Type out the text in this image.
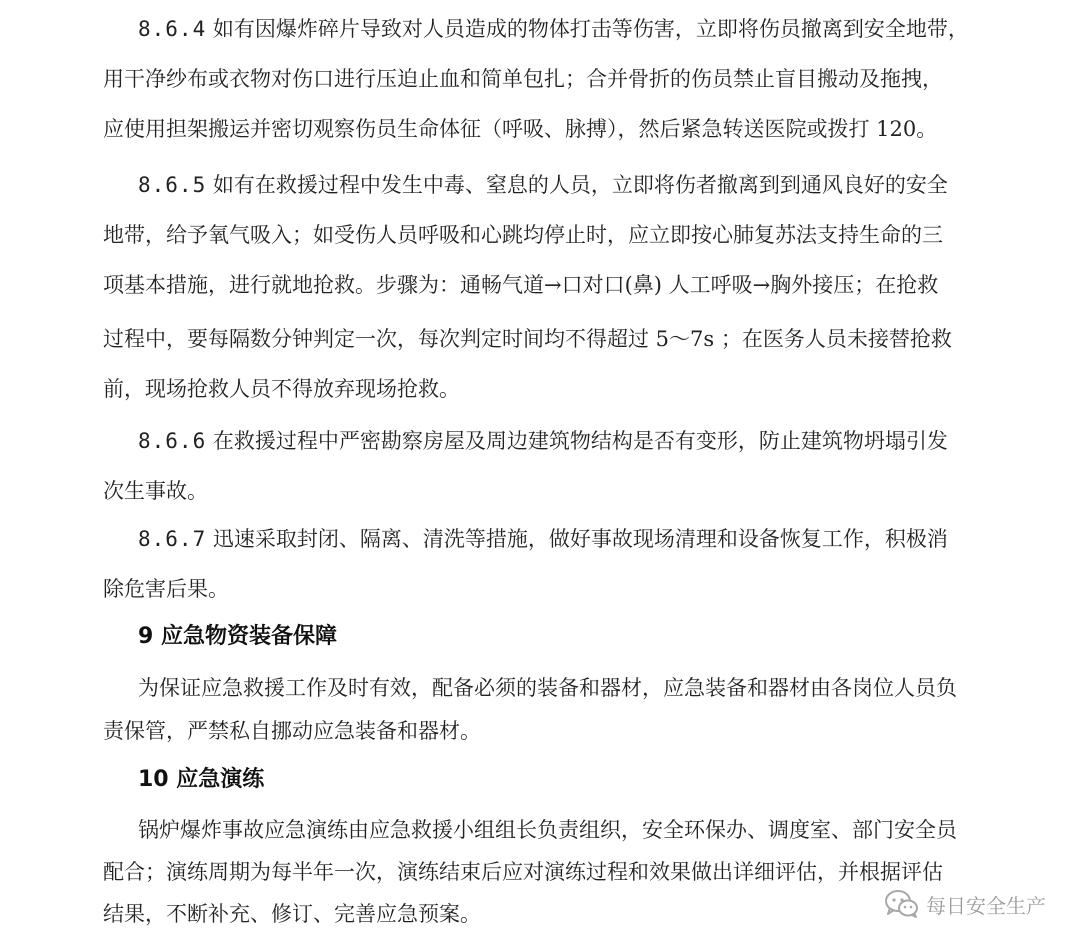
8.6.4 如有因爆炸碎片导致对人员造成的物体打击等伤害，立即将伤员撤离到安全地带，
用干净纱布或衣物对伤口进行压迫止血和简单包扎；合并骨折的伤员禁止盲目搬动及拖拽，
应使用担架搬运并密切观察伤员生命体征（呼吸、脉搏），然后紧急转送医院或拨打 120。
8.6.5 如有在救援过程中发生中毒、窒息的人员，立即将伤者撤离到到通风良好的安全
地带，给予氧气吸入；如受伤人员呼吸和心跳均停止时，应立即按心肺复苏法支持生命的三
项基本措施，进行就地抢救。步骤为：通畅气道→口对口(鼻) 人工呼吸→胸外接压；在抢救
过程中，要每隔数分钟判定一次，每次判定时间均不得超过 5～7s ；在医务人员未接替抢救
前，现场抢救人员不得放弃现场抢救。
8.6.6 在救援过程中严密勘察房屋及周边建筑物结构是否有变形，防止建筑物坍塌引发
次生事故。
8.6.7 迅速采取封闭、隔离、清洗等措施，做好事故现场清理和设备恢复工作，积极消
除危害后果。
9 应急物资装备保障
为保证应急救援工作及时有效，配备必须的装备和器材，应急装备和器材由各岗位人员负
责保管，严禁私自挪动应急装备和器材。
10 应急演练
锅炉爆炸事故应急演练由应急救援小组组长负责组织，安全环保办、调度室、部门安全员
配合；演练周期为每半年一次，演练结束后应对演练过程和效果做出详细评估，并根据评估
结果，不断补充、修订、完善应急预案。	每日安全生产
